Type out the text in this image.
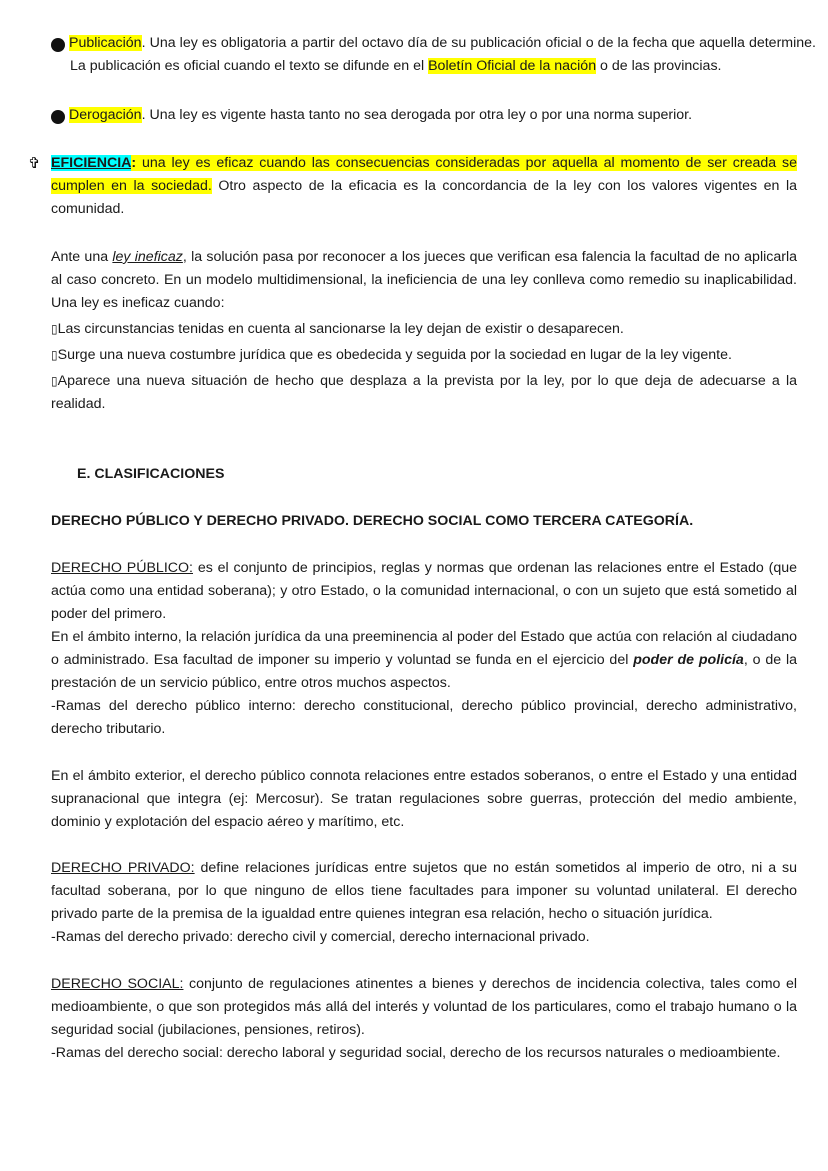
7 Publicación. Una ley es obligatoria a partir del octavo día de su publicación oficial o de la fecha que aquella determine. La publicación es oficial cuando el texto se difunde en el Boletín Oficial de la nación o de las provincias.

7 Derogación. Una ley es vigente hasta tanto no sea derogada por otra ley o por una norma superior.

✞ EFICIENCIA: una ley es eficaz cuando las consecuencias consideradas por aquella al momento de ser creada se cumplen en la sociedad. Otro aspecto de la eficacia es la concordancia de la ley con los valores vigentes en la comunidad.

Ante una ley ineficaz, la solución pasa por reconocer a los jueces que verifican esa falencia la facultad de no aplicarla al caso concreto. En un modelo multidimensional, la ineficiencia de una ley conlleva como remedio su inaplicabilidad. Una ley es ineficaz cuando:

▯Las circunstancias tenidas en cuenta al sancionarse la ley dejan de existir o desaparecen.

▯Surge una nueva costumbre jurídica que es obedecida y seguida por la sociedad en lugar de la ley vigente.

▯Aparece una nueva situación de hecho que desplaza a la prevista por la ley, por lo que deja de adecuarse a la realidad.

E. CLASIFICACIONES
DERECHO PÚBLICO Y DERECHO PRIVADO. DERECHO SOCIAL COMO TERCERA CATEGORÍA.

DERECHO PÚBLICO: es el conjunto de principios, reglas y normas que ordenan las relaciones entre el Estado (que actúa como una entidad soberana); y otro Estado, o la comunidad internacional, o con un sujeto que está sometido al poder del primero.

En el ámbito interno, la relación jurídica da una preeminencia al poder del Estado que actúa con relación al ciudadano o administrado. Esa facultad de imponer su imperio y voluntad se funda en el ejercicio del poder de policía, o de la prestación de un servicio público, entre otros muchos aspectos.

-Ramas del derecho público interno: derecho constitucional, derecho público provincial, derecho administrativo, derecho tributario.

En el ámbito exterior, el derecho público connota relaciones entre estados soberanos, o entre el Estado y una entidad supranacional que integra (ej: Mercosur). Se tratan regulaciones sobre guerras, protección del medio ambiente, dominio y explotación del espacio aéreo y marítimo, etc.

DERECHO PRIVADO: define relaciones jurídicas entre sujetos que no están sometidos al imperio de otro, ni a su facultad soberana, por lo que ninguno de ellos tiene facultades para imponer su voluntad unilateral. El derecho privado parte de la premisa de la igualdad entre quienes integran esa relación, hecho o situación jurídica.

-Ramas del derecho privado: derecho civil y comercial, derecho internacional privado.

DERECHO SOCIAL: conjunto de regulaciones atinentes a bienes y derechos de incidencia colectiva, tales como el medioambiente, o que son protegidos más allá del interés y voluntad de los particulares, como el trabajo humano o la seguridad social (jubilaciones, pensiones, retiros).

-Ramas del derecho social: derecho laboral y seguridad social, derecho de los recursos naturales o medioambiente.
